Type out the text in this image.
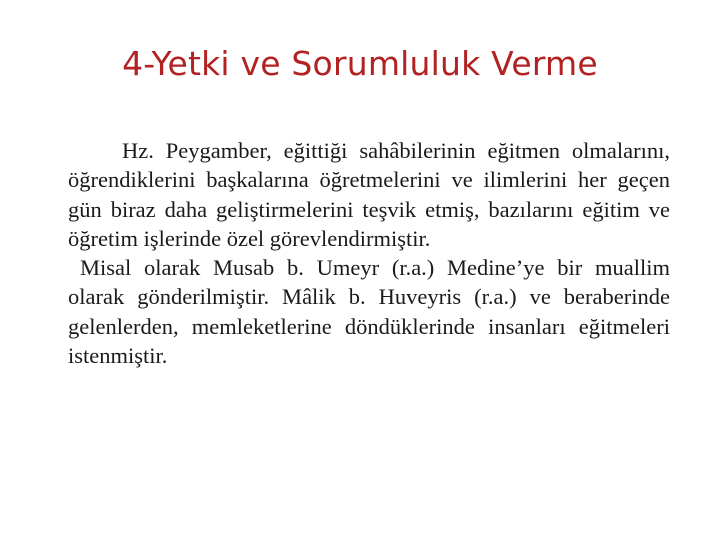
4-Yetki ve Sorumluluk Verme

Hz. Peygamber, eğittiği sahâbilerinin eğitmen olmalarını, öğrendiklerini başkalarına öğretmelerini ve ilimlerini her geçen gün biraz daha geliştirmelerini teşvik etmiş, bazılarını eğitim ve öğretim işlerinde özel görevlendirmiştir.

Misal olarak Musab b. Umeyr (r.a.) Medine’ye bir muallim olarak gönderilmiştir. Mâlik b. Huveyris (r.a.) ve beraberinde gelenlerden, memleketlerine döndüklerinde insanları eğitmeleri istenmiştir.
